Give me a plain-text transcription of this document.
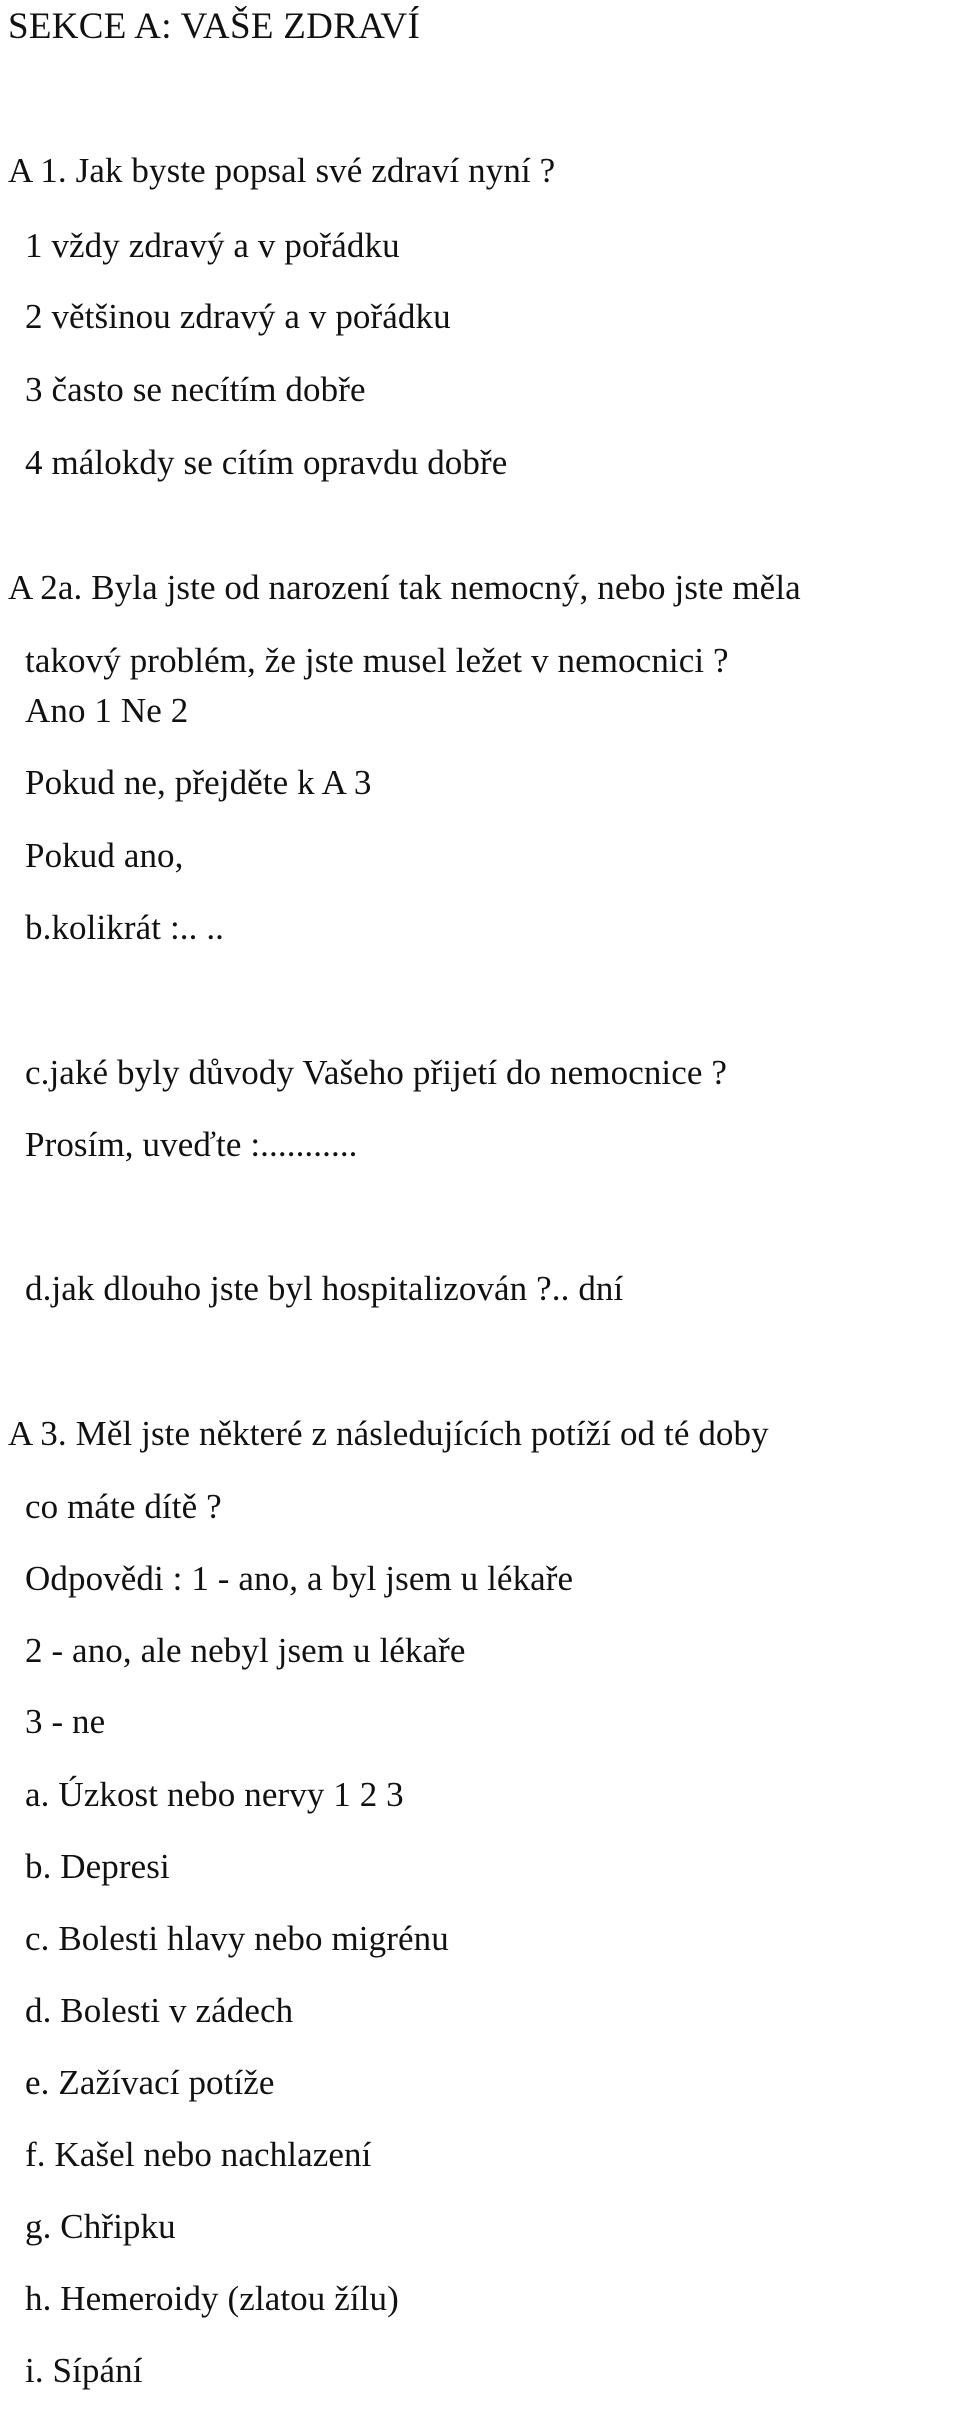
SEKCE A: VAŠE ZDRAVÍ
A 1. Jak byste popsal své zdraví nyní ?
1 vždy zdravý a v pořádku
2 většinou zdravý a v pořádku
3 často se necítím dobře
4 málokdy se cítím opravdu dobře
A 2a. Byla jste od narození tak nemocný, nebo jste měla
takový problém, že jste musel ležet v nemocnici ?
Ano 1 Ne 2
Pokud ne, přejděte k A 3
Pokud ano,
b.kolikrát :.. ..
c.jaké byly důvody Vašeho přijetí do nemocnice ?
Prosím, uveďte :...........
d.jak dlouho jste byl hospitalizován ?.. dní
A 3. Měl jste některé z následujících potíží od té doby
co máte dítě ?
Odpovědi : 1 - ano, a byl jsem u lékaře
2 - ano, ale nebyl jsem u lékaře
3 - ne
a. Úzkost nebo nervy 1 2 3
b. Depresi
c. Bolesti hlavy nebo migrénu
d. Bolesti v zádech
e. Zažívací potíže
f. Kašel nebo nachlazení
g. Chřipku
h. Hemeroidy (zlatou žílu)
i. Sípání
